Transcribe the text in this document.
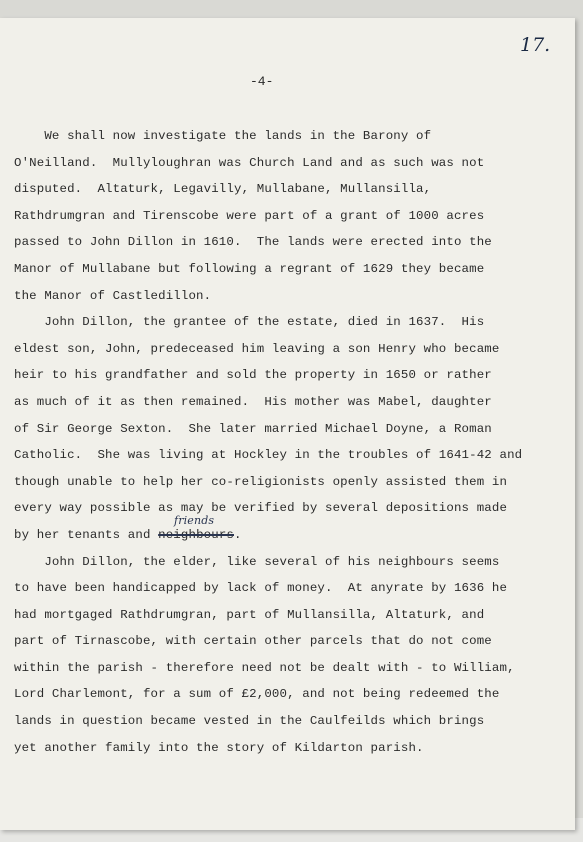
17.
-4-

We shall now investigate the lands in the Barony of
O'Neilland.  Mullyloughran was Church Land and as such was not
disputed.  Altaturk, Legavilly, Mullabane, Mullansilla,
Rathdrumgran and Tirenscobe were part of a grant of 1000 acres
passed to John Dillon in 1610.  The lands were erected into the
Manor of Mullabane but following a regrant of 1629 they became
the Manor of Castledillon.

John Dillon, the grantee of the estate, died in 1637.  His
eldest son, John, predeceased him leaving a son Henry who became
heir to his grandfather and sold the property in 1650 or rather
as much of it as then remained.  His mother was Mabel, daughter
of Sir George Sexton.  She later married Michael Doyne, a Roman
Catholic.  She was living at Hockley in the troubles of 1641-42 and
though unable to help her co-religionists openly assisted them in
every way possible as may be verified by several depositions made
by her tenants and neighbours.
friends

John Dillon, the elder, like several of his neighbours seems
to have been handicapped by lack of money.  At anyrate by 1636 he
had mortgaged Rathdrumgran, part of Mullansilla, Altaturk, and
part of Tirnascobe, with certain other parcels that do not come
within the parish - therefore need not be dealt with - to William,
Lord Charlemont, for a sum of £2,000, and not being redeemed the
lands in question became vested in the Caulfeilds which brings
yet another family into the story of Kildarton parish.
